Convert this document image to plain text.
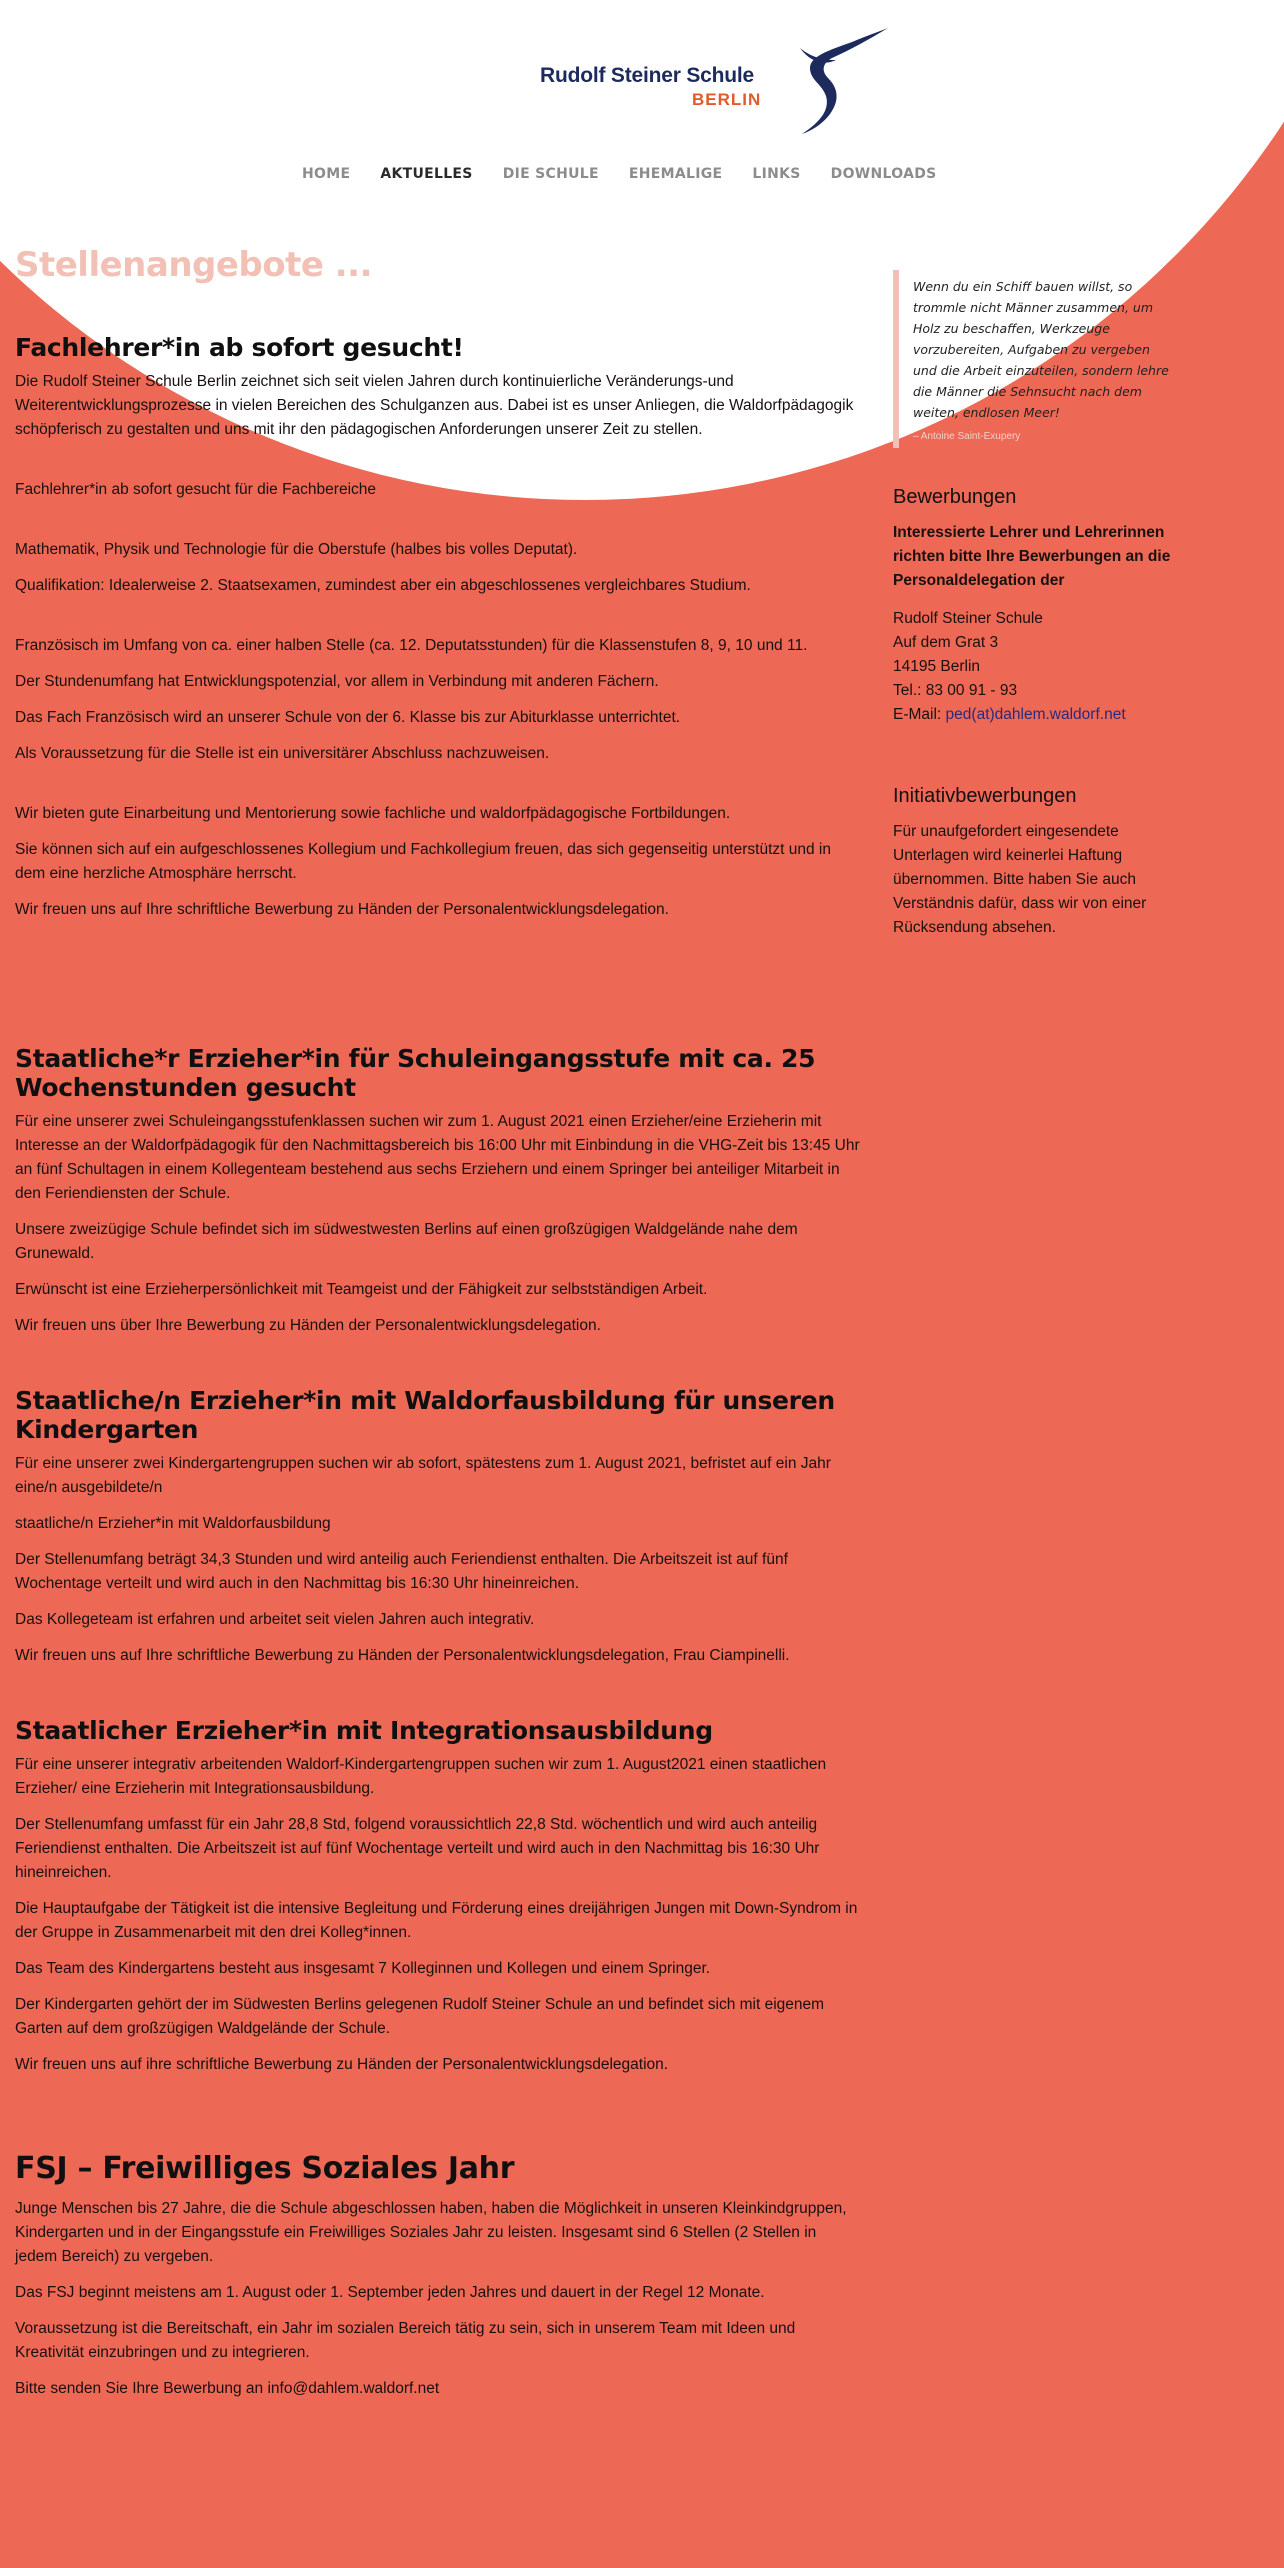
Rudolf Steiner Schule
BERLIN
HOME AKTUELLES DIE SCHULE EHEMALIGE LINKS DOWNLOADS
Stellenangebote ...
Fachlehrer*in ab sofort gesucht!

Die Rudolf Steiner Schule Berlin zeichnet sich seit vielen Jahren durch kontinuierliche Veränderungs-und Weiterentwicklungsprozesse in vielen Bereichen des Schulganzen aus. Dabei ist es unser Anliegen, die Waldorfpädagogik schöpferisch zu gestalten und uns mit ihr den pädagogischen Anforderungen unserer Zeit zu stellen.

Fachlehrer*in ab sofort gesucht für die Fachbereiche

Mathematik, Physik und Technologie für die Oberstufe (halbes bis volles Deputat).

Qualifikation: Idealerweise 2. Staatsexamen, zumindest aber ein abgeschlossenes vergleichbares Studium.

Französisch im Umfang von ca. einer halben Stelle (ca. 12. Deputatsstunden) für die Klassenstufen 8, 9, 10 und 11.

Der Stundenumfang hat Entwicklungspotenzial, vor allem in Verbindung mit anderen Fächern.

Das Fach Französisch wird an unserer Schule von der 6. Klasse bis zur Abiturklasse unterrichtet.

Als Voraussetzung für die Stelle ist ein universitärer Abschluss nachzuweisen.

Wir bieten gute Einarbeitung und Mentorierung sowie fachliche und waldorfpädagogische Fortbildungen.

Sie können sich auf ein aufgeschlossenes Kollegium und Fachkollegium freuen, das sich gegenseitig unterstützt und in dem eine herzliche Atmosphäre herrscht.

Wir freuen uns auf Ihre schriftliche Bewerbung zu Händen der Personalentwicklungsdelegation.

Staatliche*r Erzieher*in für Schuleingangsstufe mit ca. 25 Wochenstunden gesucht

Für eine unserer zwei Schuleingangsstufenklassen suchen wir zum 1. August 2021 einen Erzieher/eine Erzieherin mit Interesse an der Waldorfpädagogik für den Nachmittagsbereich bis 16:00 Uhr mit Einbindung in die VHG-Zeit bis 13:45 Uhr an fünf Schultagen in einem Kollegenteam bestehend aus sechs Erziehern und einem Springer bei anteiliger Mitarbeit in den Feriendiensten der Schule.

Unsere zweizügige Schule befindet sich im südwestwesten Berlins auf einen großzügigen Waldgelände nahe dem Grunewald.

Erwünscht ist eine Erzieherpersönlichkeit mit Teamgeist und der Fähigkeit zur selbstständigen Arbeit.

Wir freuen uns über Ihre Bewerbung zu Händen der Personalentwicklungsdelegation.

Staatliche/n Erzieher*in mit Waldorfausbildung für unseren Kindergarten

Für eine unserer zwei Kindergartengruppen suchen wir ab sofort, spätestens zum 1. August 2021, befristet auf ein Jahr eine/n ausgebildete/n

staatliche/n Erzieher*in mit Waldorfausbildung

Der Stellenumfang beträgt 34,3 Stunden und wird anteilig auch Feriendienst enthalten. Die Arbeitszeit ist auf fünf Wochentage verteilt und wird auch in den Nachmittag bis 16:30 Uhr hineinreichen.

Das Kollegeteam ist erfahren und arbeitet seit vielen Jahren auch integrativ.

Wir freuen uns auf Ihre schriftliche Bewerbung zu Händen der Personalentwicklungsdelegation, Frau Ciampinelli.

Staatlicher Erzieher*in mit Integrationsausbildung

Für eine unserer integrativ arbeitenden Waldorf-Kindergartengruppen suchen wir zum 1. August2021 einen staatlichen Erzieher/ eine Erzieherin mit Integrationsausbildung.

Der Stellenumfang umfasst für ein Jahr 28,8 Std, folgend voraussichtlich 22,8 Std. wöchentlich und wird auch anteilig Feriendienst enthalten. Die Arbeitszeit ist auf fünf Wochentage verteilt und wird auch in den Nachmittag bis 16:30 Uhr hineinreichen.

Die Hauptaufgabe der Tätigkeit ist die intensive Begleitung und Förderung eines dreijährigen Jungen mit Down-Syndrom in der Gruppe in Zusammenarbeit mit den drei Kolleg*innen.

Das Team des Kindergartens besteht aus insgesamt 7 Kolleginnen und Kollegen und einem Springer.

Der Kindergarten gehört der im Südwesten Berlins gelegenen Rudolf Steiner Schule an und befindet sich mit eigenem Garten auf dem großzügigen Waldgelände der Schule.

Wir freuen uns auf ihre schriftliche Bewerbung zu Händen der Personalentwicklungsdelegation.

FSJ – Freiwilliges Soziales Jahr

Junge Menschen bis 27 Jahre, die die Schule abgeschlossen haben, haben die Möglichkeit in unseren Kleinkindgruppen, Kindergarten und in der Eingangsstufe ein Freiwilliges Soziales Jahr zu leisten. Insgesamt sind 6 Stellen (2 Stellen in jedem Bereich) zu vergeben.

Das FSJ beginnt meistens am 1. August oder 1. September jeden Jahres und dauert in der Regel 12 Monate.

Voraussetzung ist die Bereitschaft, ein Jahr im sozialen Bereich tätig zu sein, sich in unserem Team mit Ideen und Kreativität einzubringen und zu integrieren.

Bitte senden Sie Ihre Bewerbung an info@dahlem.waldorf.net

Wenn du ein Schiff bauen willst, so trommle nicht Männer zusammen, um Holz zu beschaffen, Werkzeuge vorzubereiten, Aufgaben zu vergeben und die Arbeit einzuteilen, sondern lehre die Männer die Sehnsucht nach dem weiten, endlosen Meer!
– Antoine Saint-Exupery
Bewerbungen

Interessierte Lehrer und Lehrerinnen richten bitte Ihre Bewerbungen an die Personaldelegation der

Rudolf Steiner Schule
Auf dem Grat 3
14195 Berlin
Tel.: 83 00 91 - 93
E-Mail: ped(at)dahlem.waldorf.net

Initiativbewerbungen

Für unaufgefordert eingesendete Unterlagen wird keinerlei Haftung übernommen. Bitte haben Sie auch Verständnis dafür, dass wir von einer Rücksendung absehen.
